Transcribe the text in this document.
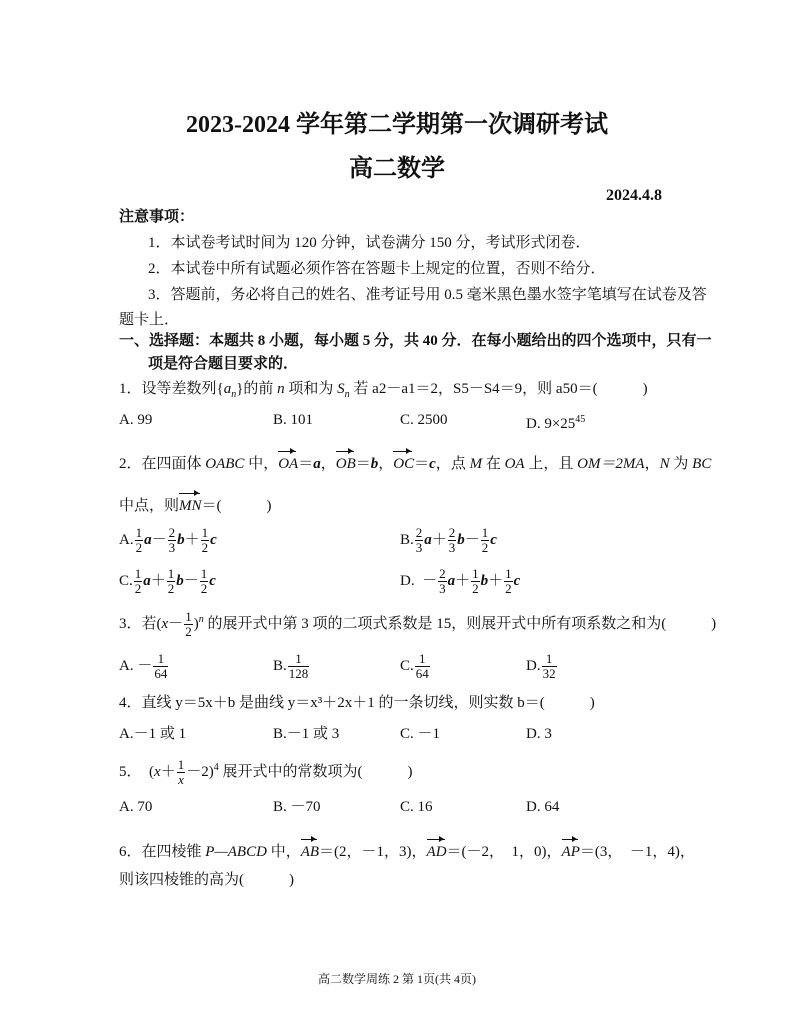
2023-2024 学年第二学期第一次调研考试
高二数学
2024.4.8
注意事项：
1．本试卷考试时间为 120 分钟，试卷满分 150 分，考试形式闭卷．
2．本试卷中所有试题必须作答在答题卡上规定的位置，否则不给分．
3．答题前，务必将自己的姓名、准考证号用 0.5 毫米黑色墨水签字笔填写在试卷及答
题卡上．
一、选择题：本题共 8 小题，每小题 5 分，共 40 分．在每小题给出的四个选项中，只有一
项是符合题目要求的．
1．设等差数列$\{a_n\}$的前 n 项和为 $S_n$ 若 a2－a1＝2，S5－S4＝9，则 a50＝(　　　)
A. 99	B. 101	C. 2500	D. $9\times 25^{45}$
2．在四面体 OABC 中，OA＝a，OB＝b，OC＝c，点 M 在 OA 上，且 OM＝2MA，N 为 BC
中点，则MN＝(　　　)
A. $\frac{1}{2} a- \frac{2}{3} b+ \frac{1}{2}$ c	B. $\frac{2}{3} a+ \frac{2}{3} b- \frac{1}{2}$ c
C. $\frac{1}{2} a+ \frac{1}{2} b- \frac{1}{2}$ c	D. － $\frac{2}{3} a+ \frac{1}{2} b+ \frac{1}{2}$ c
3．若$(x- \frac{1}{2} )^n$ 的展开式中第 3 项的二项式系数是 15，则展开式中所有项系数之和为(　　　)
A. － $\frac{1}{64}$	B. $\frac{1}{128}$	C. $\frac{1}{64}$	D. $\frac{1}{32}$
4．直线 y＝5x＋b 是曲线 y＝x³＋2x＋1 的一条切线，则实数 b＝(　　　)
A.－1 或 1	B.－1 或 3	C. －1	D. 3
5． $(x+ \frac{1}{x} -2)^4$ 展开式中的常数项为(　　　)
A. 70	B. －70	C. 16	D. 64
6．在四棱锥 P—ABCD 中，AB＝(2，－1，3)，AD＝(－2，　1，0)，AP＝(3，　－1，4)，
则该四棱锥的高为(　　　)
高二数学周练 2 第 1页(共 4页)
